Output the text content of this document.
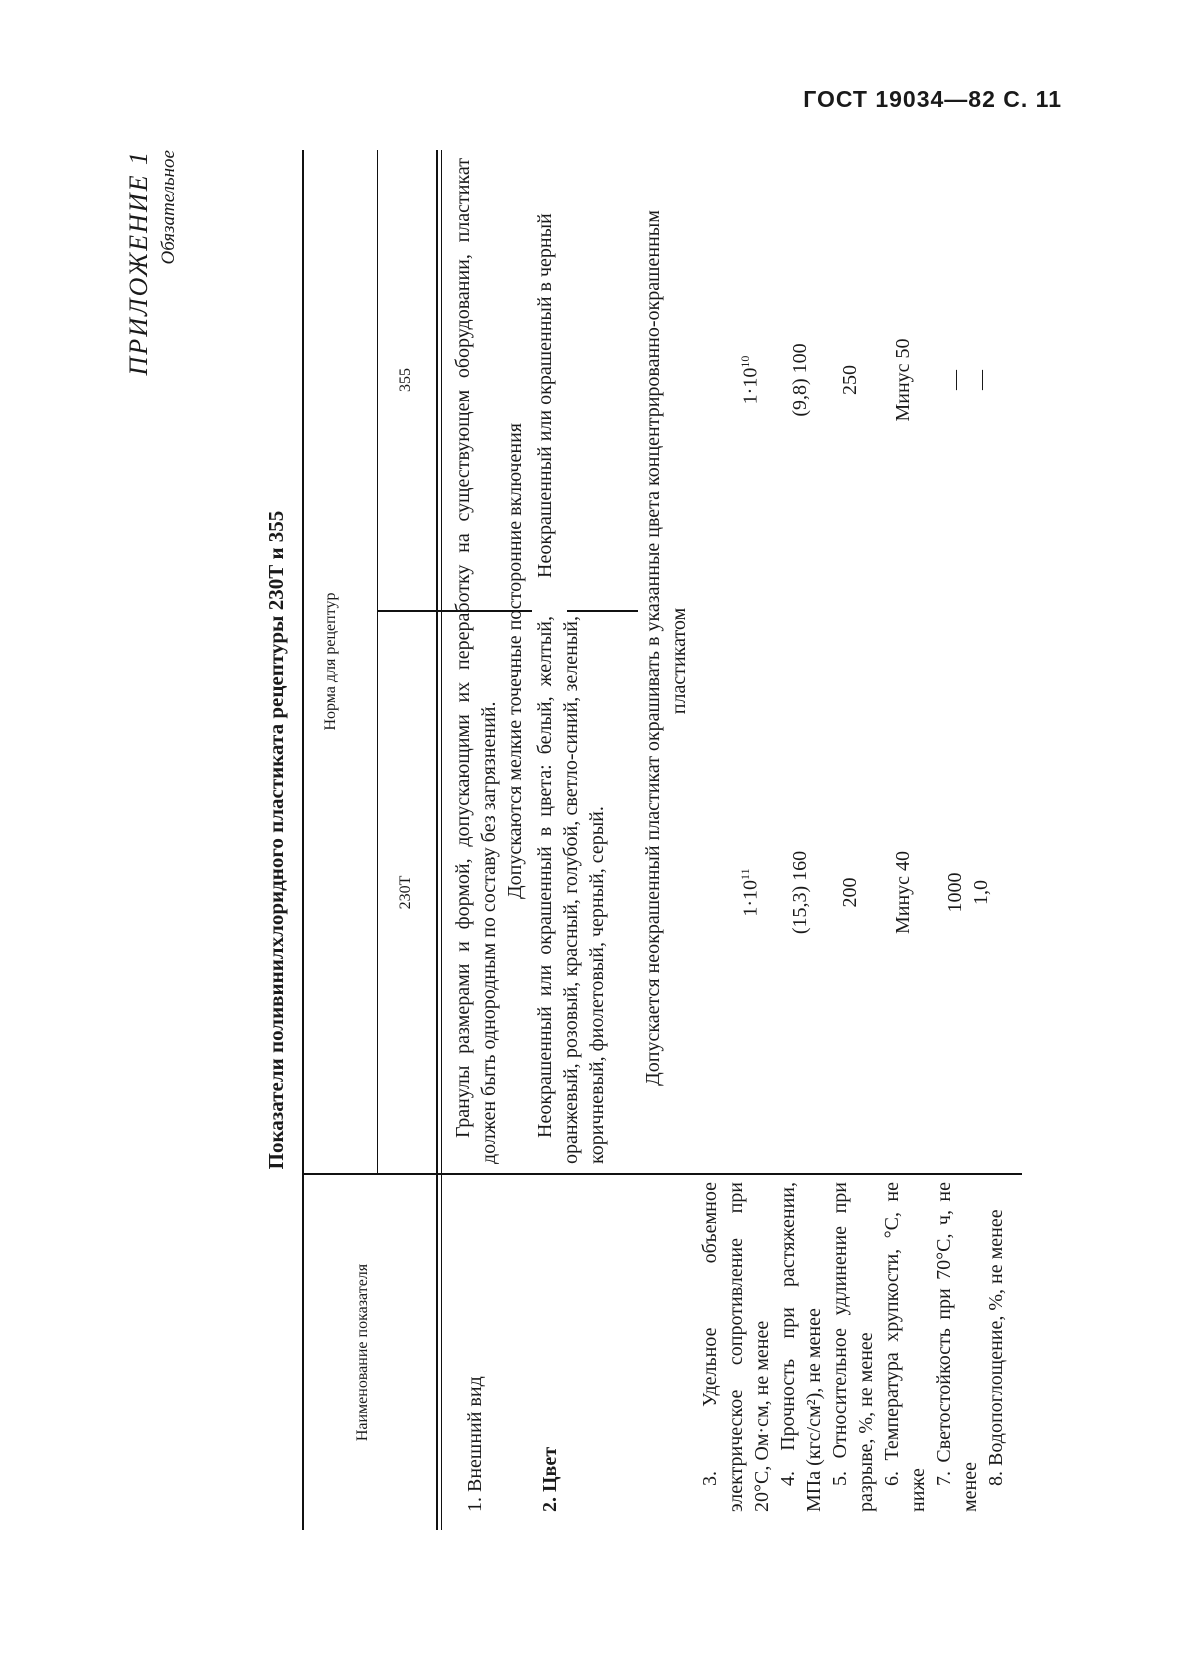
ГОСТ 19034—82 С. 11
ПРИЛОЖЕНИЕ 1 Обязательное
Показатели поливинилхлоридного пластиката рецептуры 230Т и 355
Наименование показателя
Норма для рецептур
230Т
355
1. Внешний вид

Гранулы размерами и формой, допускающими их переработку на существующем оборудовании, пластикат должен быть однородным по составу без загрязнений.

Допускаются мелкие точечные посторонние включения

2. Цвет
Неокрашенный или окрашенный в цвета: белый, желтый, оранжевый, розовый, красный, голубой, светло-синий, зеленый, коричневый, фиолетовый, черный, серый.
Неокрашенный или окрашенный в черный	Допускается неокрашенный пластикат окрашивать в указанные цвета концентрированно-окрашенным пластикатом
3. Удельное объемное электрическое сопротивление при 20°С, Ом·см, не менее
$1\cdot 10^{11}$
$1\cdot 10^{10}$
4. Прочность при растяжении, МПа (кгс/см²), не менее
(15,3) 160
(9,8) 100
5. Относительное удлинение при разрыве, %, не менее
200
250
6. Температура хрупкости, °С, не ниже
Минус 40
Минус 50
7. Светостойкость при 70°С, ч, не менее
1000
—
8. Водопоглощение, %, не менее
1,0
—
